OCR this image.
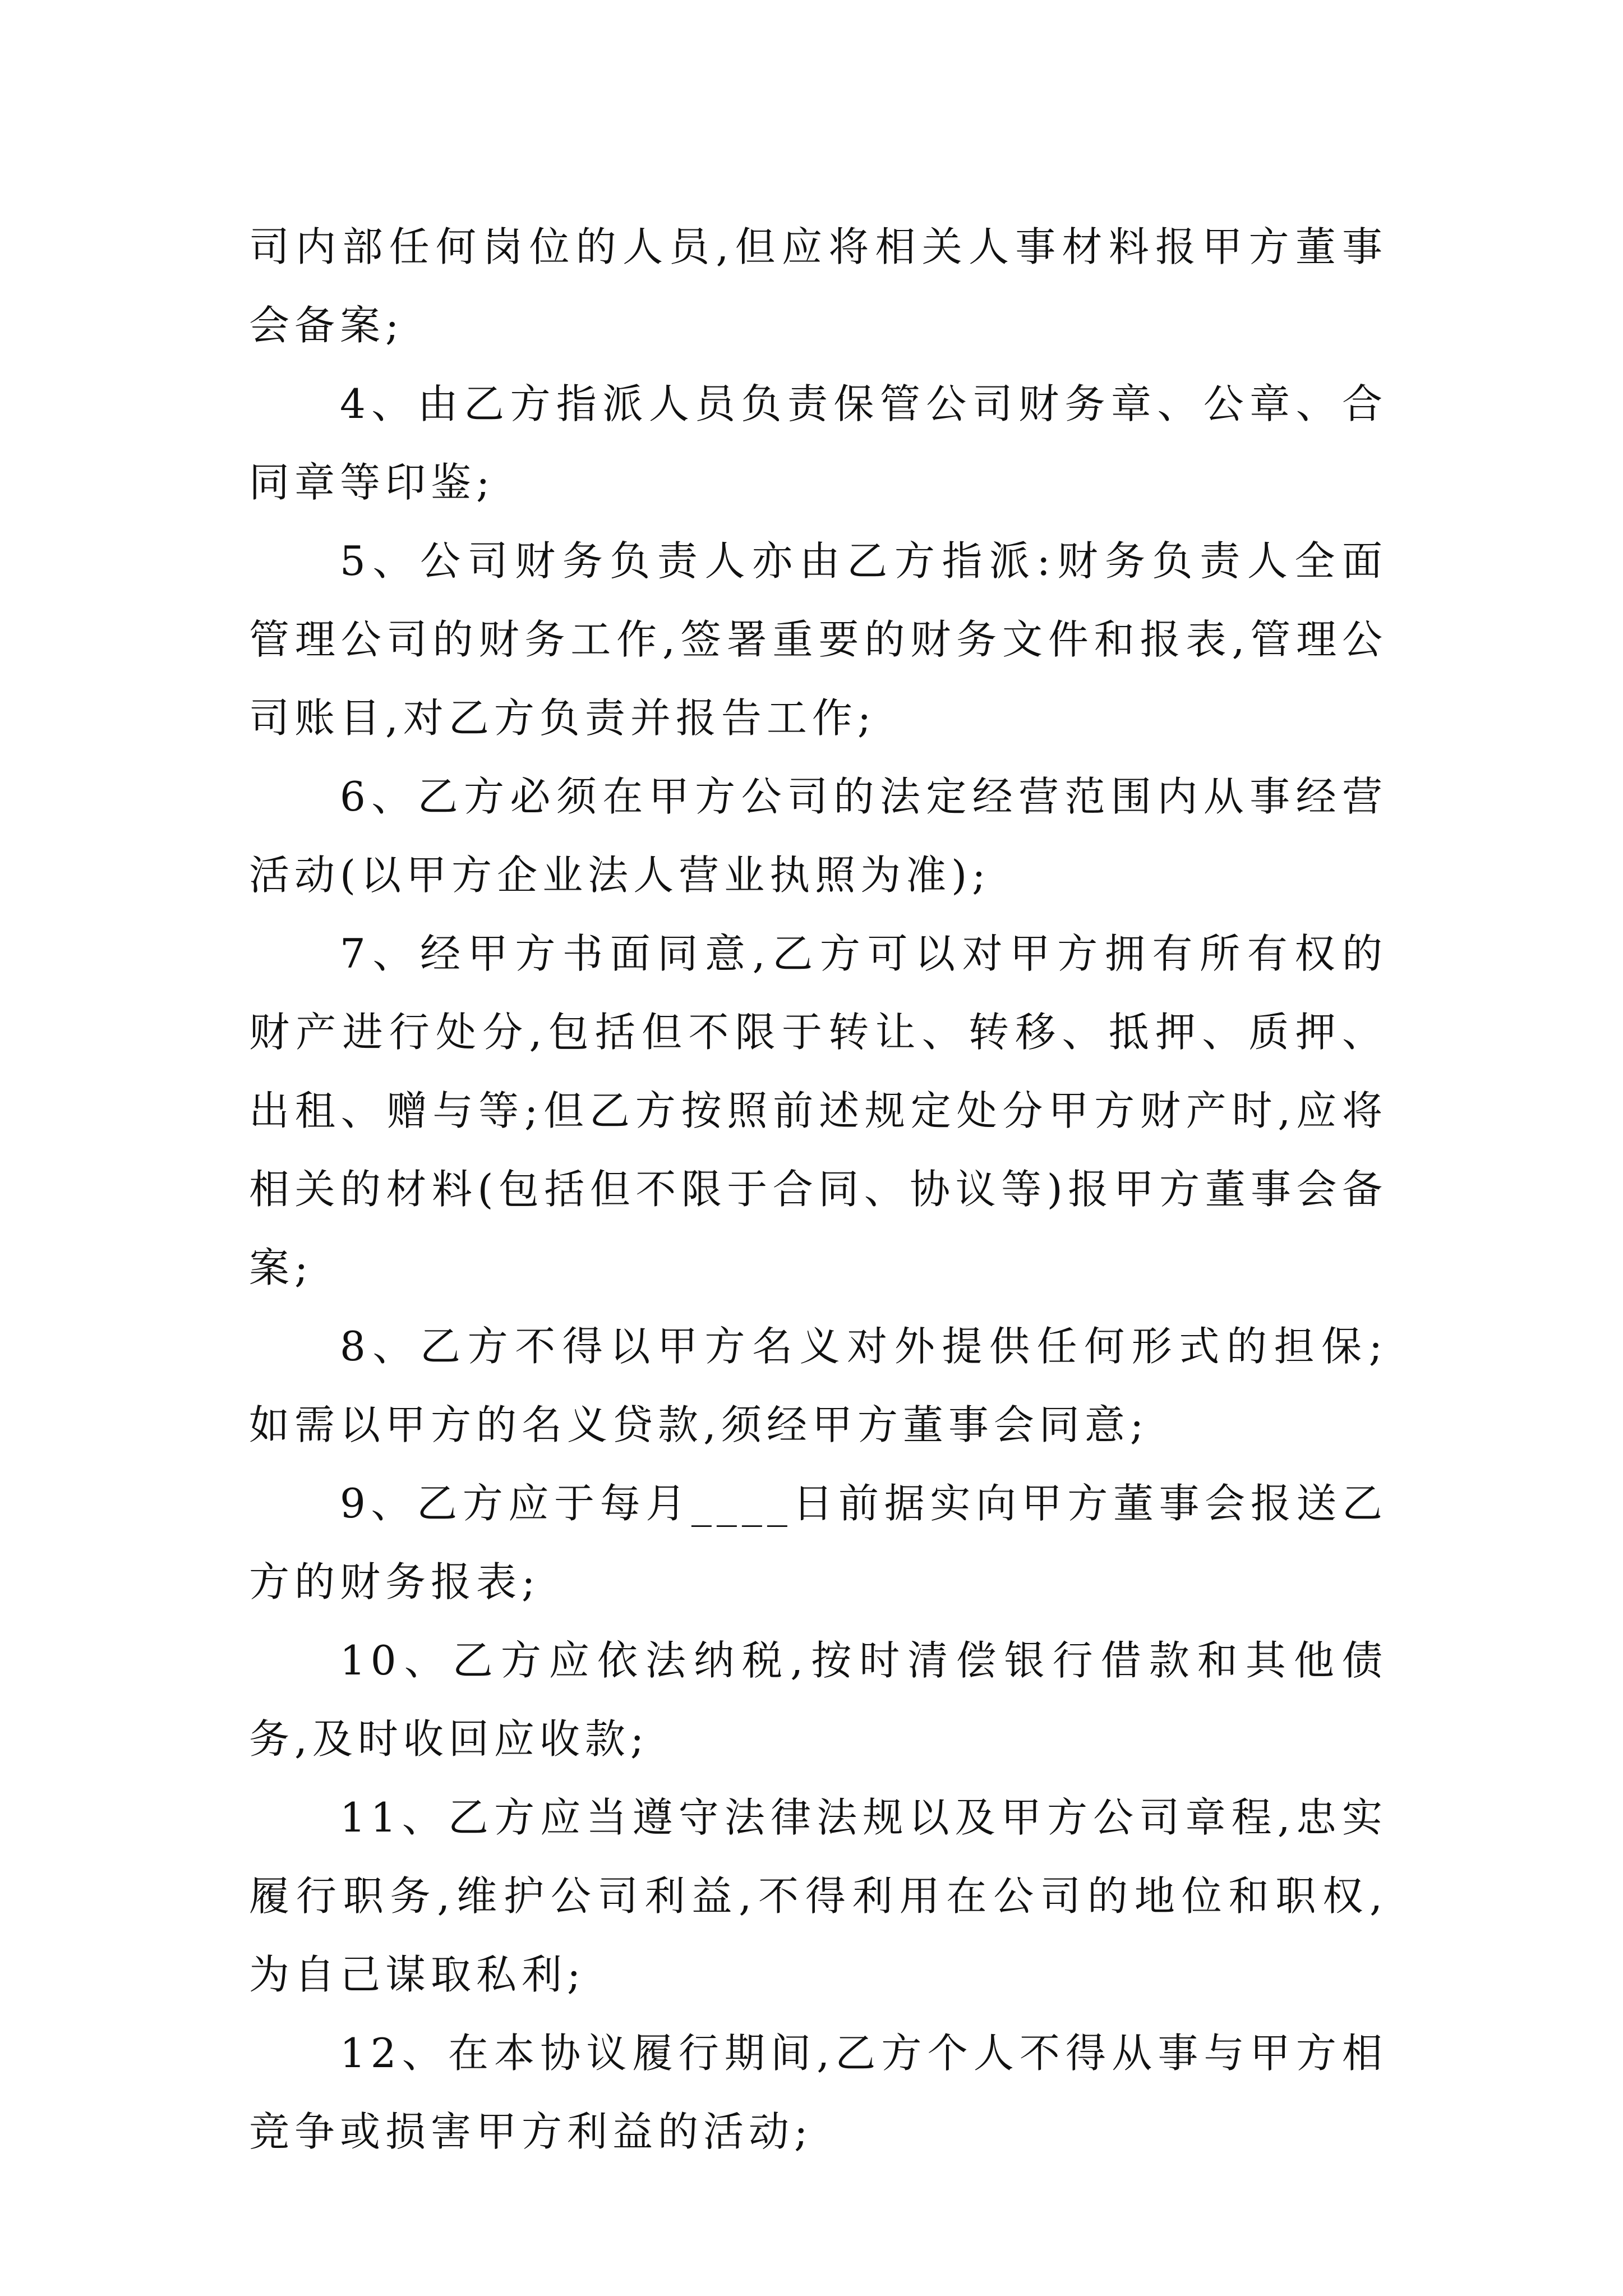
司内部任何岗位的人员,但应将相关人事材料报甲方董事会备案;

4、由乙方指派人员负责保管公司财务章、公章、合同章等印鉴;

5、公司财务负责人亦由乙方指派:财务负责人全面管理公司的财务工作,签署重要的财务文件和报表,管理公司账目,对乙方负责并报告工作;

6、乙方必须在甲方公司的法定经营范围内从事经营活动(以甲方企业法人营业执照为准);

7、经甲方书面同意,乙方可以对甲方拥有所有权的财产进行处分,包括但不限于转让、转移、抵押、质押、出租、赠与等;但乙方按照前述规定处分甲方财产时,应将相关的材料(包括但不限于合同、协议等)报甲方董事会备案;

8、乙方不得以甲方名义对外提供任何形式的担保;如需以甲方的名义贷款,须经甲方董事会同意;

9、乙方应于每月____日前据实向甲方董事会报送乙方的财务报表;

10、乙方应依法纳税,按时清偿银行借款和其他债务,及时收回应收款;

11、乙方应当遵守法律法规以及甲方公司章程,忠实履行职务,维护公司利益,不得利用在公司的地位和职权,为自己谋取私利;

12、在本协议履行期间,乙方个人不得从事与甲方相竞争或损害甲方利益的活动;
